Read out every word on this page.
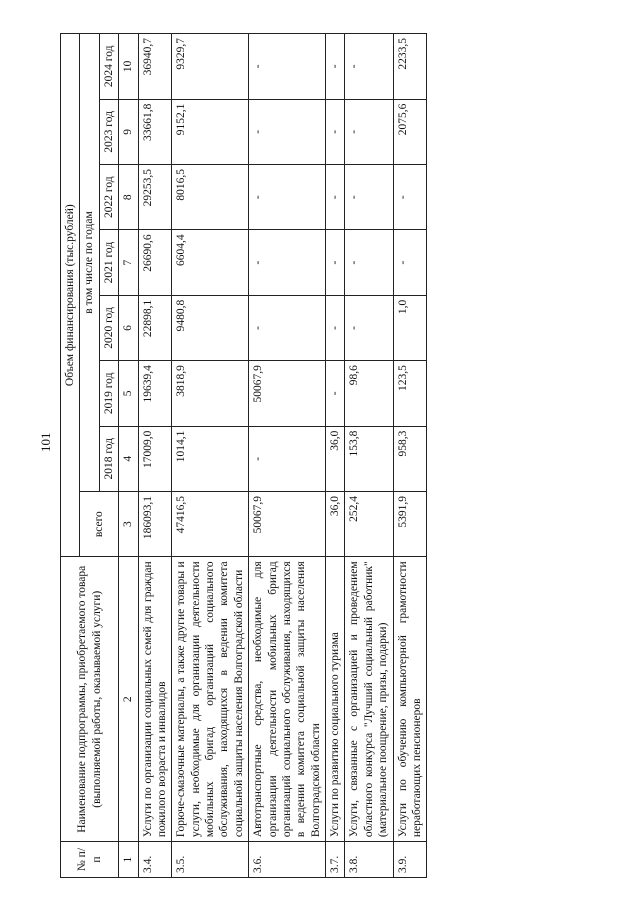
101
№ п/п	Наименование подпрограммы, приобретаемого товара (выполняемой работы, оказываемой услуги)	Объем финансирования (тыс.рублей)							
		всего	в том числе по годам						
			2018 год	2019 год	2020 год	2021 год	2022 год	2023 год	2024 год
1	2	3	4	5	6	7	8	9	10
3.4.	Услуги по организации социальных семей для граждан пожилого возраста и инвалидов	186093,1	17009,0	19639,4	22898,1	26690,6	29253,5	33661,8	36940,7
3.5.	Горюче-смазочные материалы, а также другие товары и услуги, необходимые для организации деятельности мобильных бригад организаций социального обслуживания, находящихся в ведении комитета социальной защиты населения Волгоградской области	47416,5	1014,1	3818,9	9480,8	6604,4	8016,5	9152,1	9329,7
3.6.	Автотранспортные средства, необходимые для организации деятельности мобильных бригад организаций социального обслуживания, находящихся в ведении комитета социальной защиты населения Волгоградской области	50067,9	-	50067,9	-	-	-	-	-
3.7.	Услуги по развитию социального туризма	36,0	36,0	-	-	-	-	-	-
3.8.	Услуги, связанные с организацией и проведением областного конкурса "Лучший социальный работник" (материальное поощрение, призы, подарки)	252,4	153,8	98,6	-	-	-	-	-
3.9.	Услуги по обучению компьютерной грамотности неработающих пенсионеров	5391,9	958,3	123,5	1,0	-	-	2075,6	2233,5
